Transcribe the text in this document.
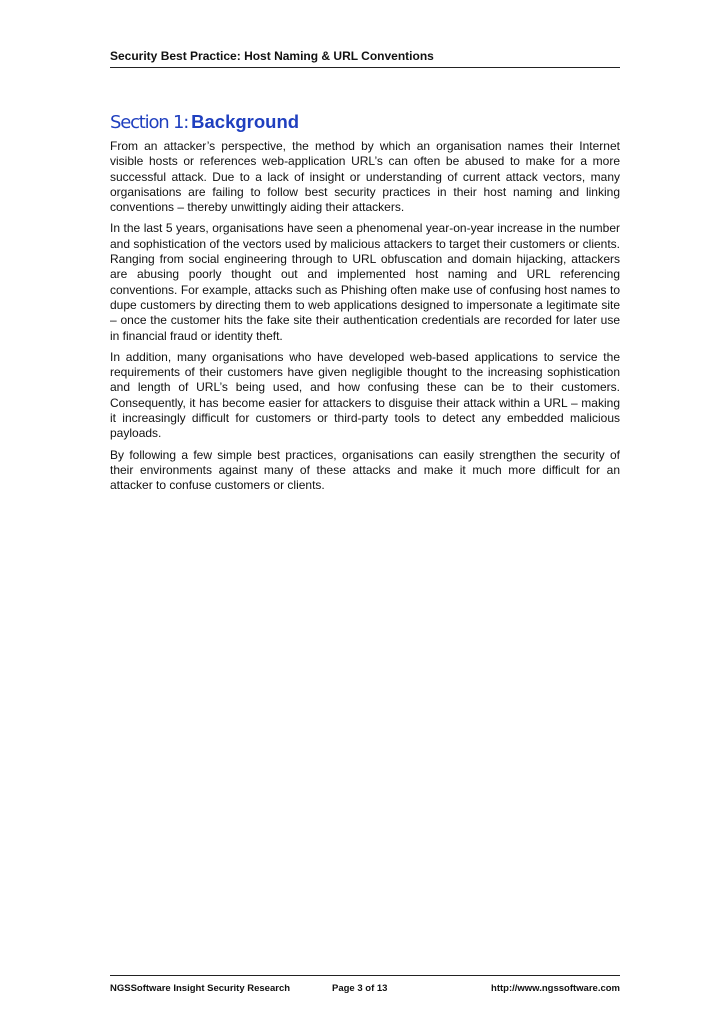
Security Best Practice: Host Naming & URL Conventions
Section 1: Background

From an attacker’s perspective, the method by which an organisation names their Internet visible hosts or references web-application URL’s can often be abused to make for a more successful attack. Due to a lack of insight or understanding of current attack vectors, many organisations are failing to follow best security practices in their host naming and linking conventions – thereby unwittingly aiding their attackers.

In the last 5 years, organisations have seen a phenomenal year-on-year increase in the number and sophistication of the vectors used by malicious attackers to target their customers or clients. Ranging from social engineering through to URL obfuscation and domain hijacking, attackers are abusing poorly thought out and implemented host naming and URL referencing conventions. For example, attacks such as Phishing often make use of confusing host names to dupe customers by directing them to web applications designed to impersonate a legitimate site – once the customer hits the fake site their authentication credentials are recorded for later use in financial fraud or identity theft.

In addition, many organisations who have developed web-based applications to service the requirements of their customers have given negligible thought to the increasing sophistication and length of URL’s being used, and how confusing these can be to their customers. Consequently, it has become easier for attackers to disguise their attack within a URL – making it increasingly difficult for customers or third-party tools to detect any embedded malicious payloads.

By following a few simple best practices, organisations can easily strengthen the security of their environments against many of these attacks and make it much more difficult for an attacker to confuse customers or clients.

NGSSoftware Insight Security Research	Page 3 of 13	http://www.ngssoftware.com
